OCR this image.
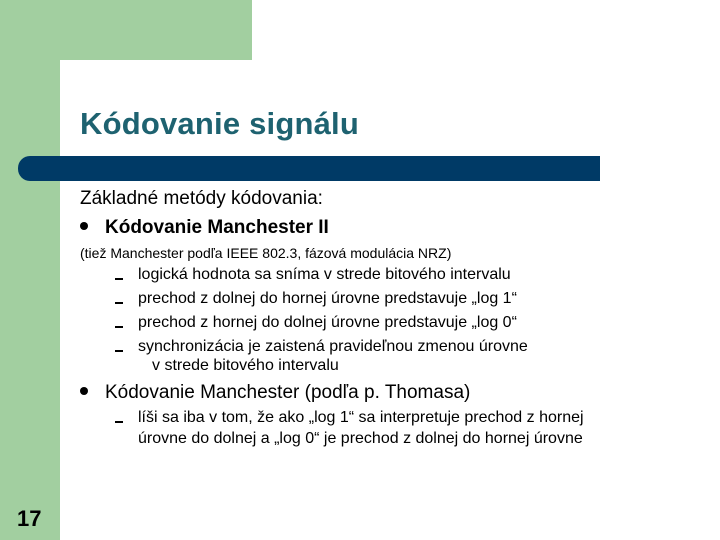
Kódovanie signálu
Základné metódy kódovania:
Kódovanie Manchester II
(tiež Manchester podľa IEEE 802.3, fázová modulácia NRZ)
logická hodnota sa sníma v strede bitového intervalu
prechod z dolnej do hornej úrovne predstavuje „log 1“
prechod z hornej do dolnej úrovne predstavuje „log 0“
synchronizácia je zaistená pravideľnou zmenou úrovne
v strede bitového intervalu
Kódovanie Manchester (podľa p. Thomasa)
líši sa iba v tom, že ako „log 1“ sa interpretuje prechod z hornej
úrovne do dolnej a „log 0“ je prechod z dolnej do hornej úrovne
17
